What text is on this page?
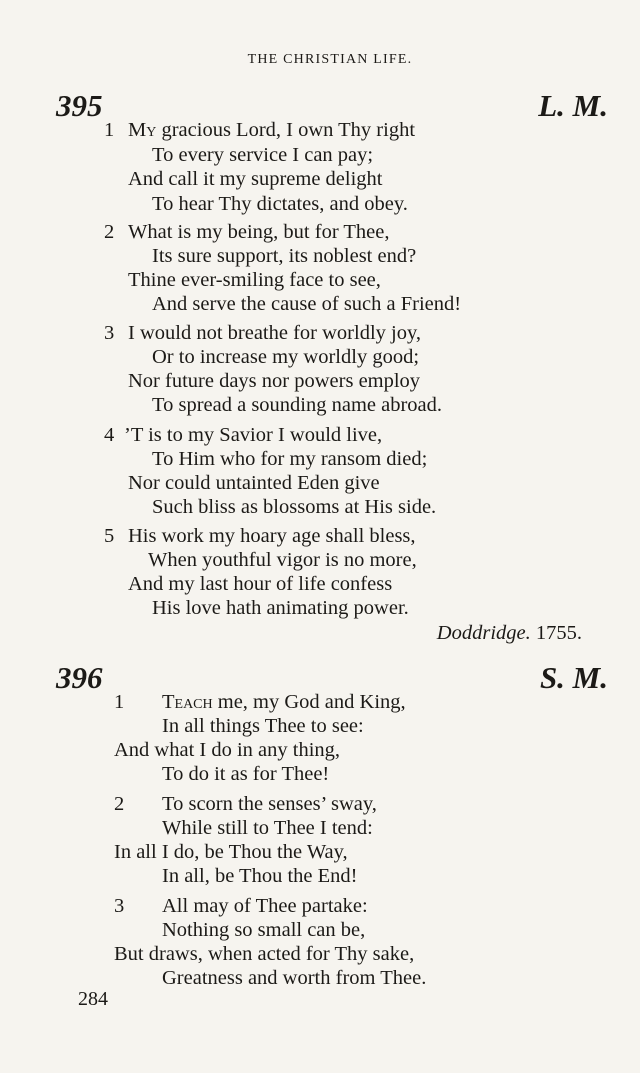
THE CHRISTIAN LIFE.
395	L. M.
1 My gracious Lord, I own Thy right
To every service I can pay;
And call it my supreme delight
To hear Thy dictates, and obey.
2 What is my being, but for Thee,
Its sure support, its noblest end?
Thine ever-smiling face to see,
And serve the cause of such a Friend!
3 I would not breathe for worldly joy,
Or to increase my worldly good;
Nor future days nor powers employ
To spread a sounding name abroad.
4 ’T is to my Savior I would live,
To Him who for my ransom died;
Nor could untainted Eden give
Such bliss as blossoms at His side.
5 His work my hoary age shall bless,
When youthful vigor is no more,
And my last hour of life confess
His love hath animating power.
Doddridge. 1755.
396	S. M.
1 Teach me, my God and King,
In all things Thee to see:
And what I do in any thing,
To do it as for Thee!
2 To scorn the senses’ sway,
While still to Thee I tend:
In all I do, be Thou the Way,
In all, be Thou the End!
3 All may of Thee partake:
Nothing so small can be,
But draws, when acted for Thy sake,
Greatness and worth from Thee.
284
